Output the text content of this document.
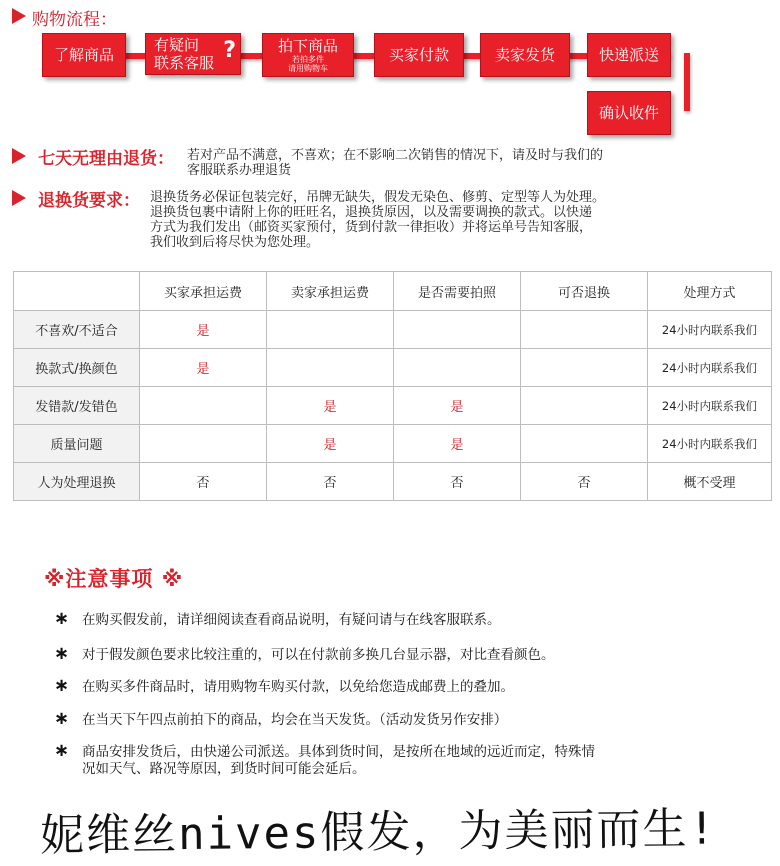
购物流程：
了解商品
有疑问
联系客服 ?	拍下商品
若拍多件
请用购物车
买家付款	卖家发货	快递派送
确认收件
七天无理由退货： 若对产品不满意，不喜欢；在不影响二次销售的情况下，请及时与我们的
客服联系办理退货
退换货要求： 退换货务必保证包装完好，吊牌无缺失，假发无染色、修剪、定型等人为处理。
退换货包裹中请附上你的旺旺名，退换货原因，以及需要调换的款式。以快递
方式为我们发出（邮资买家预付，货到付款一律拒收）并将运单号告知客服，
我们收到后将尽快为您处理。
	买家承担运费	卖家承担运费	是否需要拍照	可否退换	处理方式
不喜欢/不适合	是				24小时内联系我们
换款式/换颜色	是				24小时内联系我们
发错款/发错色		是	是		24小时内联系我们
质量问题		是	是		24小时内联系我们
人为处理退换	否	否	否	否	概不受理
※注意事项 ※
∗ 在购买假发前，请详细阅读查看商品说明，有疑问请与在线客服联系。
∗ 对于假发颜色要求比较注重的，可以在付款前多换几台显示器，对比查看颜色。
∗ 在购买多件商品时，请用购物车购买付款，以免给您造成邮费上的叠加。
∗ 在当天下午四点前拍下的商品，均会在当天发货。（活动发货另作安排）
∗ 商品安排发货后，由快递公司派送。具体到货时间，是按所在地域的远近而定，特殊情
况如天气、路况等原因，到货时间可能会延后。
妮维丝nives假发，为美丽而生!
